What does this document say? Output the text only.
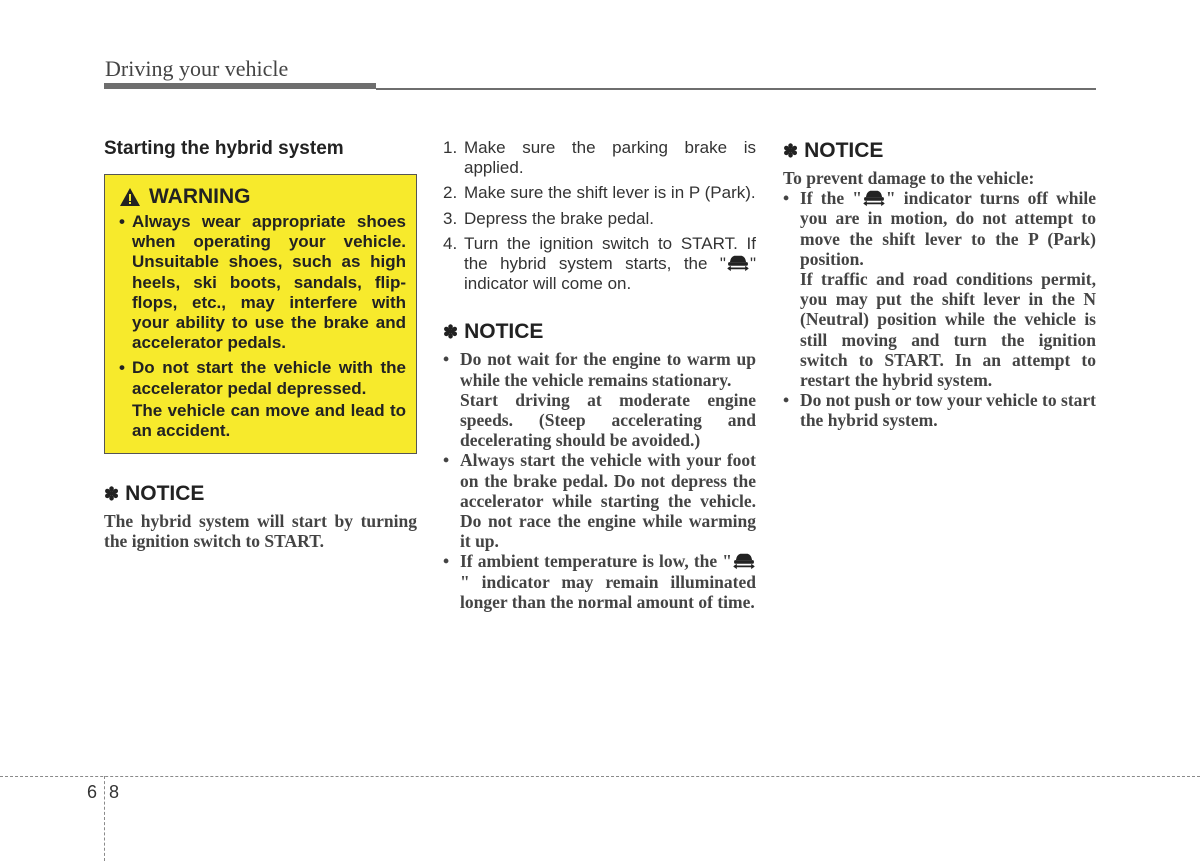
Driving your vehicle
Starting the hybrid system
WARNING
• Always wear appropriate shoes when operating your vehicle. Unsuitable shoes, such as high heels, ski boots, sandals, flip-flops, etc., may interfere with your ability to use the brake and accelerator pedals.
• Do not start the vehicle with the accelerator pedal depressed.
The vehicle can move and lead to an accident.
✽ NOTICE
The hybrid system will start by turning the ignition switch to START.
1. Make sure the parking brake is applied.
2. Make sure the shift lever is in P (Park).
3. Depress the brake pedal.
4. Turn the ignition switch to START. If the hybrid system starts, the " " indicator will come on.
✽ NOTICE
• Do not wait for the engine to warm up while the vehicle remains stationary.
Start driving at moderate engine speeds. (Steep accelerating and decelerating should be avoided.)
• Always start the vehicle with your foot on the brake pedal. Do not depress the accelerator while starting the vehicle. Do not race the engine while warming it up.
• If ambient temperature is low, the "" indicator may remain illuminated longer than the normal amount of time.
✽ NOTICE
To prevent damage to the vehicle:
• If the " " indicator turns off while you are in motion, do not attempt to move the shift lever to the P (Park) position.
If traffic and road conditions permit, you may put the shift lever in the N (Neutral) position while the vehicle is still moving and turn the ignition switch to START. In an attempt to restart the hybrid system.
• Do not push or tow your vehicle to start the hybrid system.
6 8
